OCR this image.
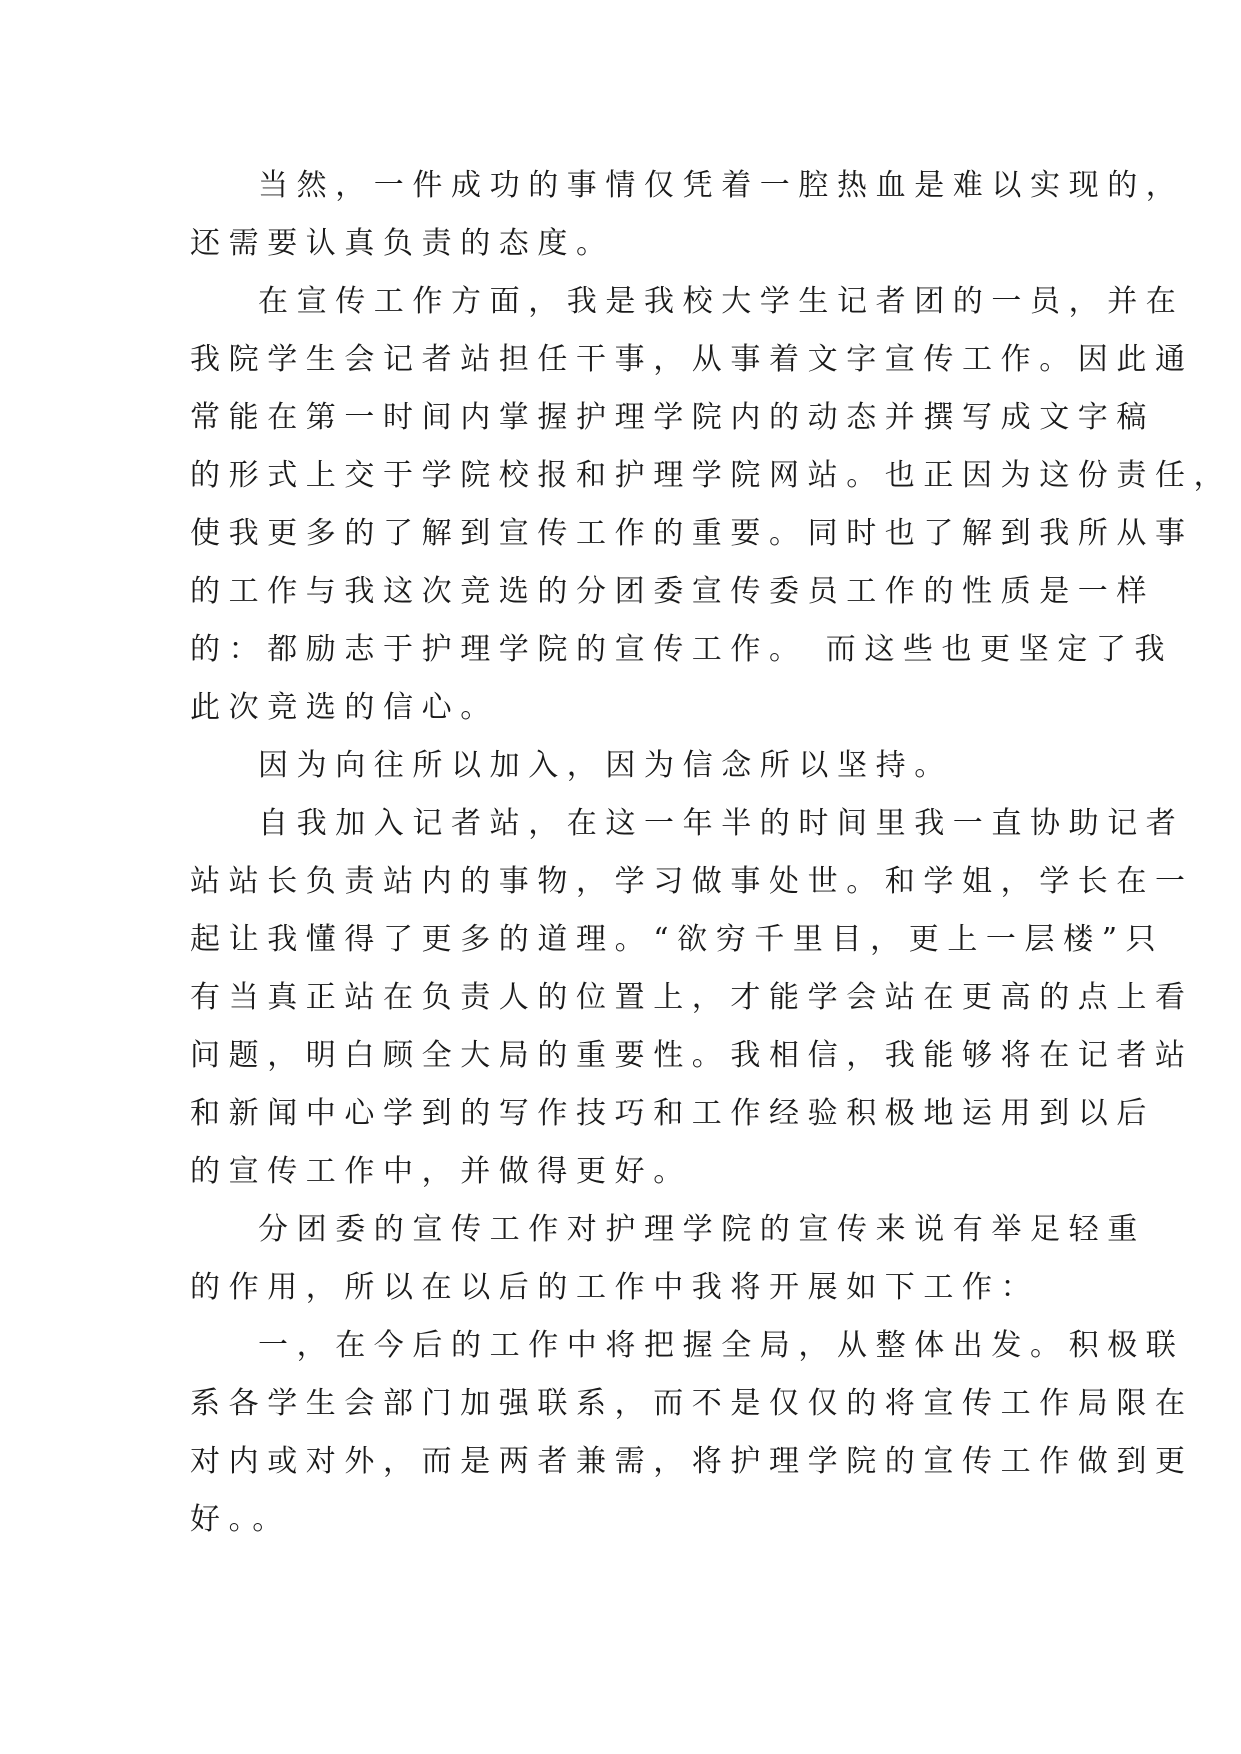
当然，一件成功的事情仅凭着一腔热血是难以实现的，
还需要认真负责的态度。
在宣传工作方面，我是我校大学生记者团的一员，并在
我院学生会记者站担任干事，从事着文字宣传工作。因此通
常能在第一时间内掌握护理学院内的动态并撰写成文字稿
的形式上交于学院校报和护理学院网站。也正因为这份责任，
使我更多的了解到宣传工作的重要。同时也了解到我所从事
的工作与我这次竞选的分团委宣传委员工作的性质是一样
的：都励志于护理学院的宣传工作。 而这些也更坚定了我
此次竞选的信心。
因为向往所以加入，因为信念所以坚持。
自我加入记者站，在这一年半的时间里我一直协助记者
站站长负责站内的事物，学习做事处世。和学姐，学长在一
起让我懂得了更多的道理。“欲穷千里目，更上一层楼”只
有当真正站在负责人的位置上，才能学会站在更高的点上看
问题，明白顾全大局的重要性。我相信，我能够将在记者站
和新闻中心学到的写作技巧和工作经验积极地运用到以后
的宣传工作中，并做得更好。
分团委的宣传工作对护理学院的宣传来说有举足轻重
的作用，所以在以后的工作中我将开展如下工作：
一，在今后的工作中将把握全局，从整体出发。积极联
系各学生会部门加强联系，而不是仅仅的将宣传工作局限在
对内或对外，而是两者兼需，将护理学院的宣传工作做到更
好。。
